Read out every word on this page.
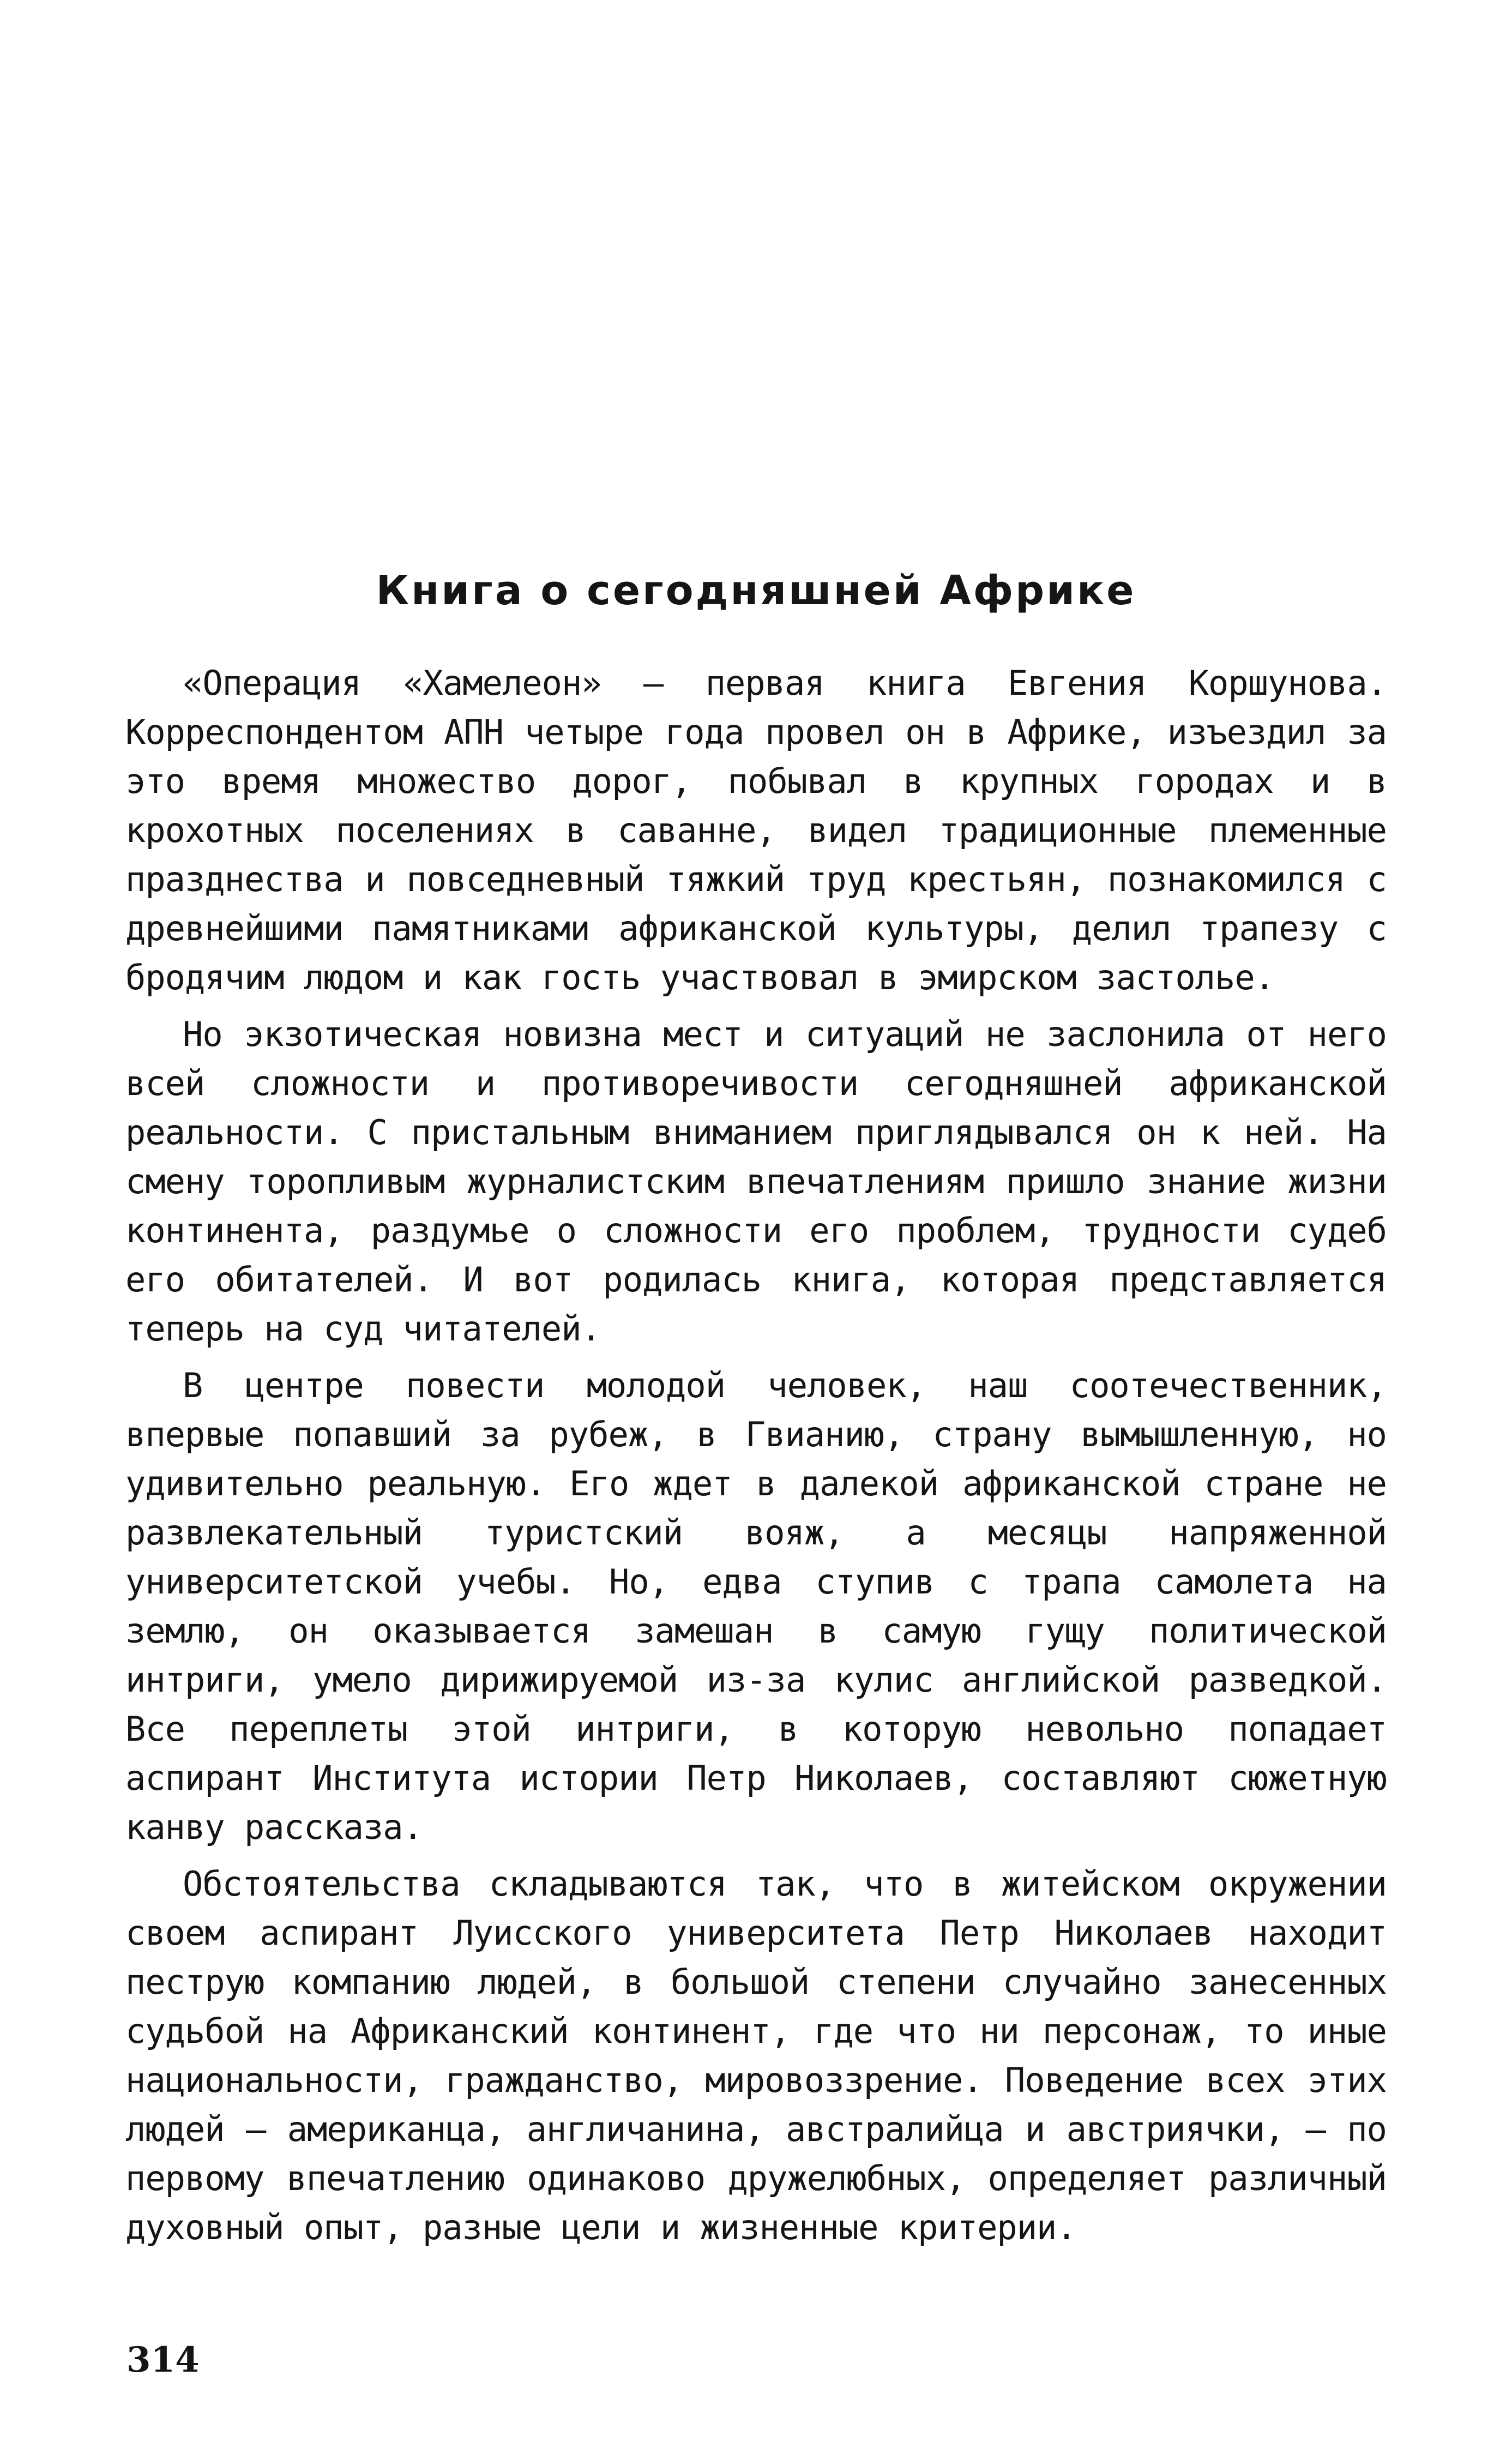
Книга о сегодняшней Африке

«Операция «Хамелеон» — первая книга Евгения Коршунова. Корреспондентом АПН четыре года провел он в Африке, изъездил за это время множество дорог, побывал в крупных городах и в крохотных поселениях в саванне, видел традиционные племенные празднества и повседневный тяжкий труд крестьян, познакомился с древнейшими памятниками африканской культуры, делил трапезу с бродячим людом и как гость участвовал в эмирском застолье.

Но экзотическая новизна мест и ситуаций не заслонила от него всей сложности и противоречивости сегодняшней африканской реальности. С пристальным вниманием приглядывался он к ней. На смену торопливым журналистским впечатлениям пришло знание жизни континента, раздумье о сложности его проблем, трудности судеб его обитателей. И вот родилась книга, которая представляется теперь на суд читателей.

В центре повести молодой человек, наш соотечественник, впервые попавший за рубеж, в Гвианию, страну вымышленную, но удивительно реальную. Его ждет в далекой африканской стране не развлекательный туристский вояж, а месяцы напряженной университетской учебы. Но, едва ступив с трапа самолета на землю, он оказывается замешан в самую гущу политической интриги, умело дирижируемой из-за кулис английской разведкой. Все переплеты этой интриги, в которую невольно попадает аспирант Института истории Петр Николаев, составляют сюжетную канву рассказа.

Обстоятельства складываются так, что в житейском окружении своем аспирант Луисского университета Петр Николаев находит пеструю компанию людей, в большой степени случайно занесенных судьбой на Африканский континент, где что ни персонаж, то иные национальности, гражданство, мировоззрение. Поведение всех этих людей — американца, англичанина, австралийца и австриячки, — по первому впечатлению одинаково дружелюбных, определяет различный духовный опыт, разные цели и жизненные критерии.

314
